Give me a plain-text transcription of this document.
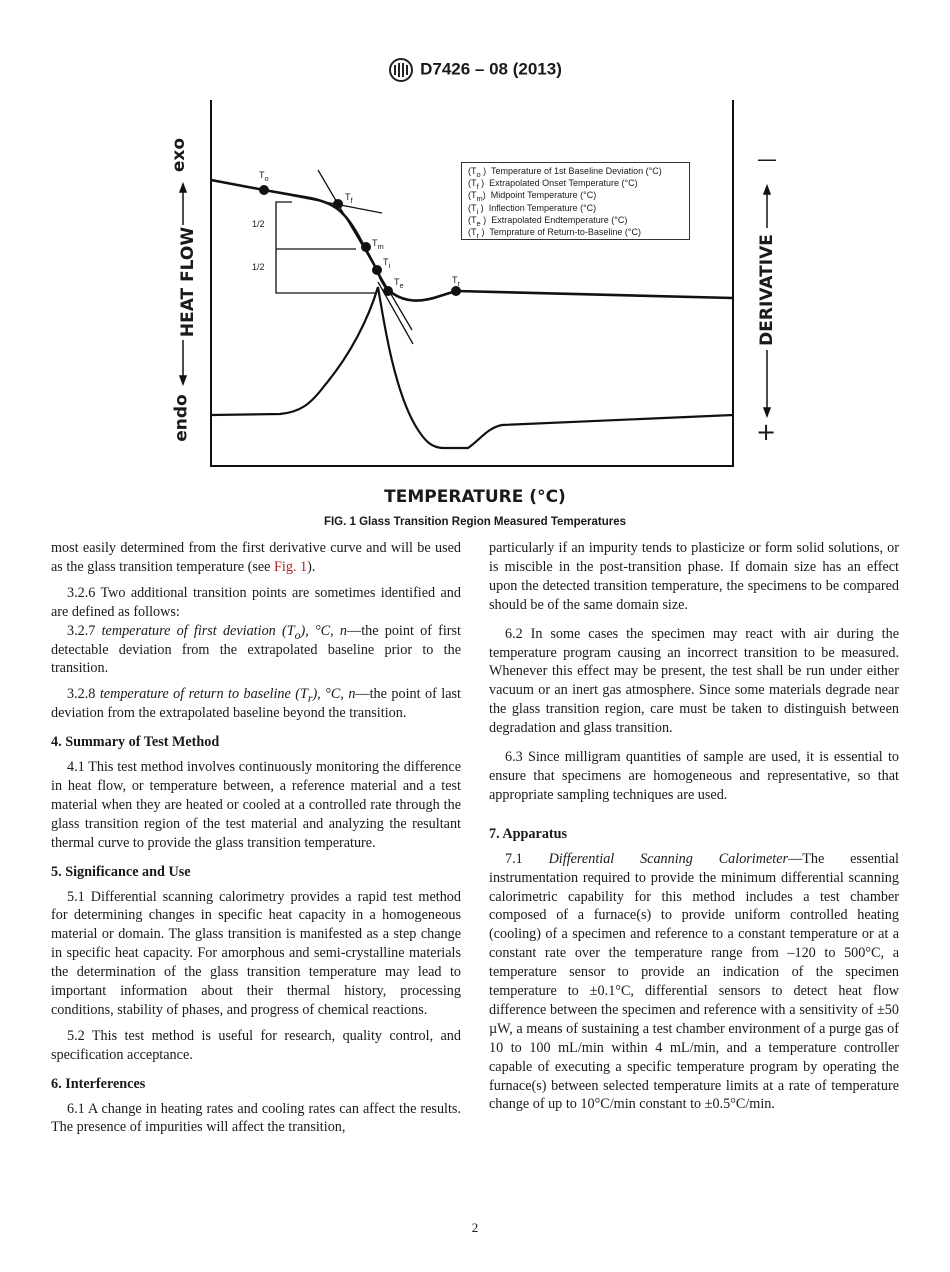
D7426 – 08 (2013)
$T_o$
$T_f$
$T_m$
$T_i$
$T_e$
$T_r$
1/2
1/2
exo
HEAT FLOW
endo
—
DERIVATIVE
+
($T_o$ ) Temperature of 1st Baseline Deviation (°C)
($T_f$ ) Extrapolated Onset Temperature (°C)
$(T_m)$ Midpoint Temperature (°C)
($T_i$ ) Inflection Temperature (°C)
($T_e$ ) Extrapolated Endtemperature (°C)
($T_r$ ) Temprature of Return-to-Baseline (°C)
TEMPERATURE (°C)
FIG. 1 Glass Transition Region Measured Temperatures
most easily determined from the first derivative curve and will be used as the glass transition temperature (see Fig. 1).
3.2.6 Two additional transition points are sometimes identified and are defined as follows:
3.2.7 temperature of first deviation $(T_o)$, °C, n—the point of first detectable deviation from the extrapolated baseline prior to the transition.
3.2.8 temperature of return to baseline $(T_r)$, °C, n—the point of last deviation from the extrapolated baseline beyond the transition.
4. Summary of Test Method
4.1 This test method involves continuously monitoring the difference in heat flow, or temperature between, a reference material and a test material when they are heated or cooled at a controlled rate through the glass transition region of the test material and analyzing the resultant thermal curve to provide the glass transition temperature.
5. Significance and Use
5.1 Differential scanning calorimetry provides a rapid test method for determining changes in specific heat capacity in a homogeneous material or domain. The glass transition is manifested as a step change in specific heat capacity. For amorphous and semi-crystalline materials the determination of the glass transition temperature may lead to important information about their thermal history, processing conditions, stability of phases, and progress of chemical reactions.
5.2 This test method is useful for research, quality control, and specification acceptance.
6. Interferences
6.1 A change in heating rates and cooling rates can affect the results. The presence of impurities will affect the transition,
particularly if an impurity tends to plasticize or form solid solutions, or is miscible in the post-transition phase. If domain size has an effect upon the detected transition temperature, the specimens to be compared should be of the same domain size.
6.2 In some cases the specimen may react with air during the temperature program causing an incorrect transition to be measured. Whenever this effect may be present, the test shall be run under either vacuum or an inert gas atmosphere. Since some materials degrade near the glass transition region, care must be taken to distinguish between degradation and glass transition.
6.3 Since milligram quantities of sample are used, it is essential to ensure that specimens are homogeneous and representative, so that appropriate sampling techniques are used.
7. Apparatus
7.1 Differential Scanning Calorimeter—The essential instrumentation required to provide the minimum differential scanning calorimetric capability for this method includes a test chamber composed of a furnace(s) to provide uniform controlled heating (cooling) of a specimen and reference to a constant temperature or at a constant rate over the temperature range from –120 to 500°C, a temperature sensor to provide an indication of the specimen temperature to ±0.1°C, differential sensors to detect heat flow difference between the specimen and reference with a sensitivity of ±50 µW, a means of sustaining a test chamber environment of a purge gas of 10 to 100 mL/min within 4 mL/min, and a temperature controller capable of executing a specific temperature program by operating the furnace(s) between selected temperature limits at a rate of temperature change of up to 10°C/min constant to ±0.5°C/min.
2
